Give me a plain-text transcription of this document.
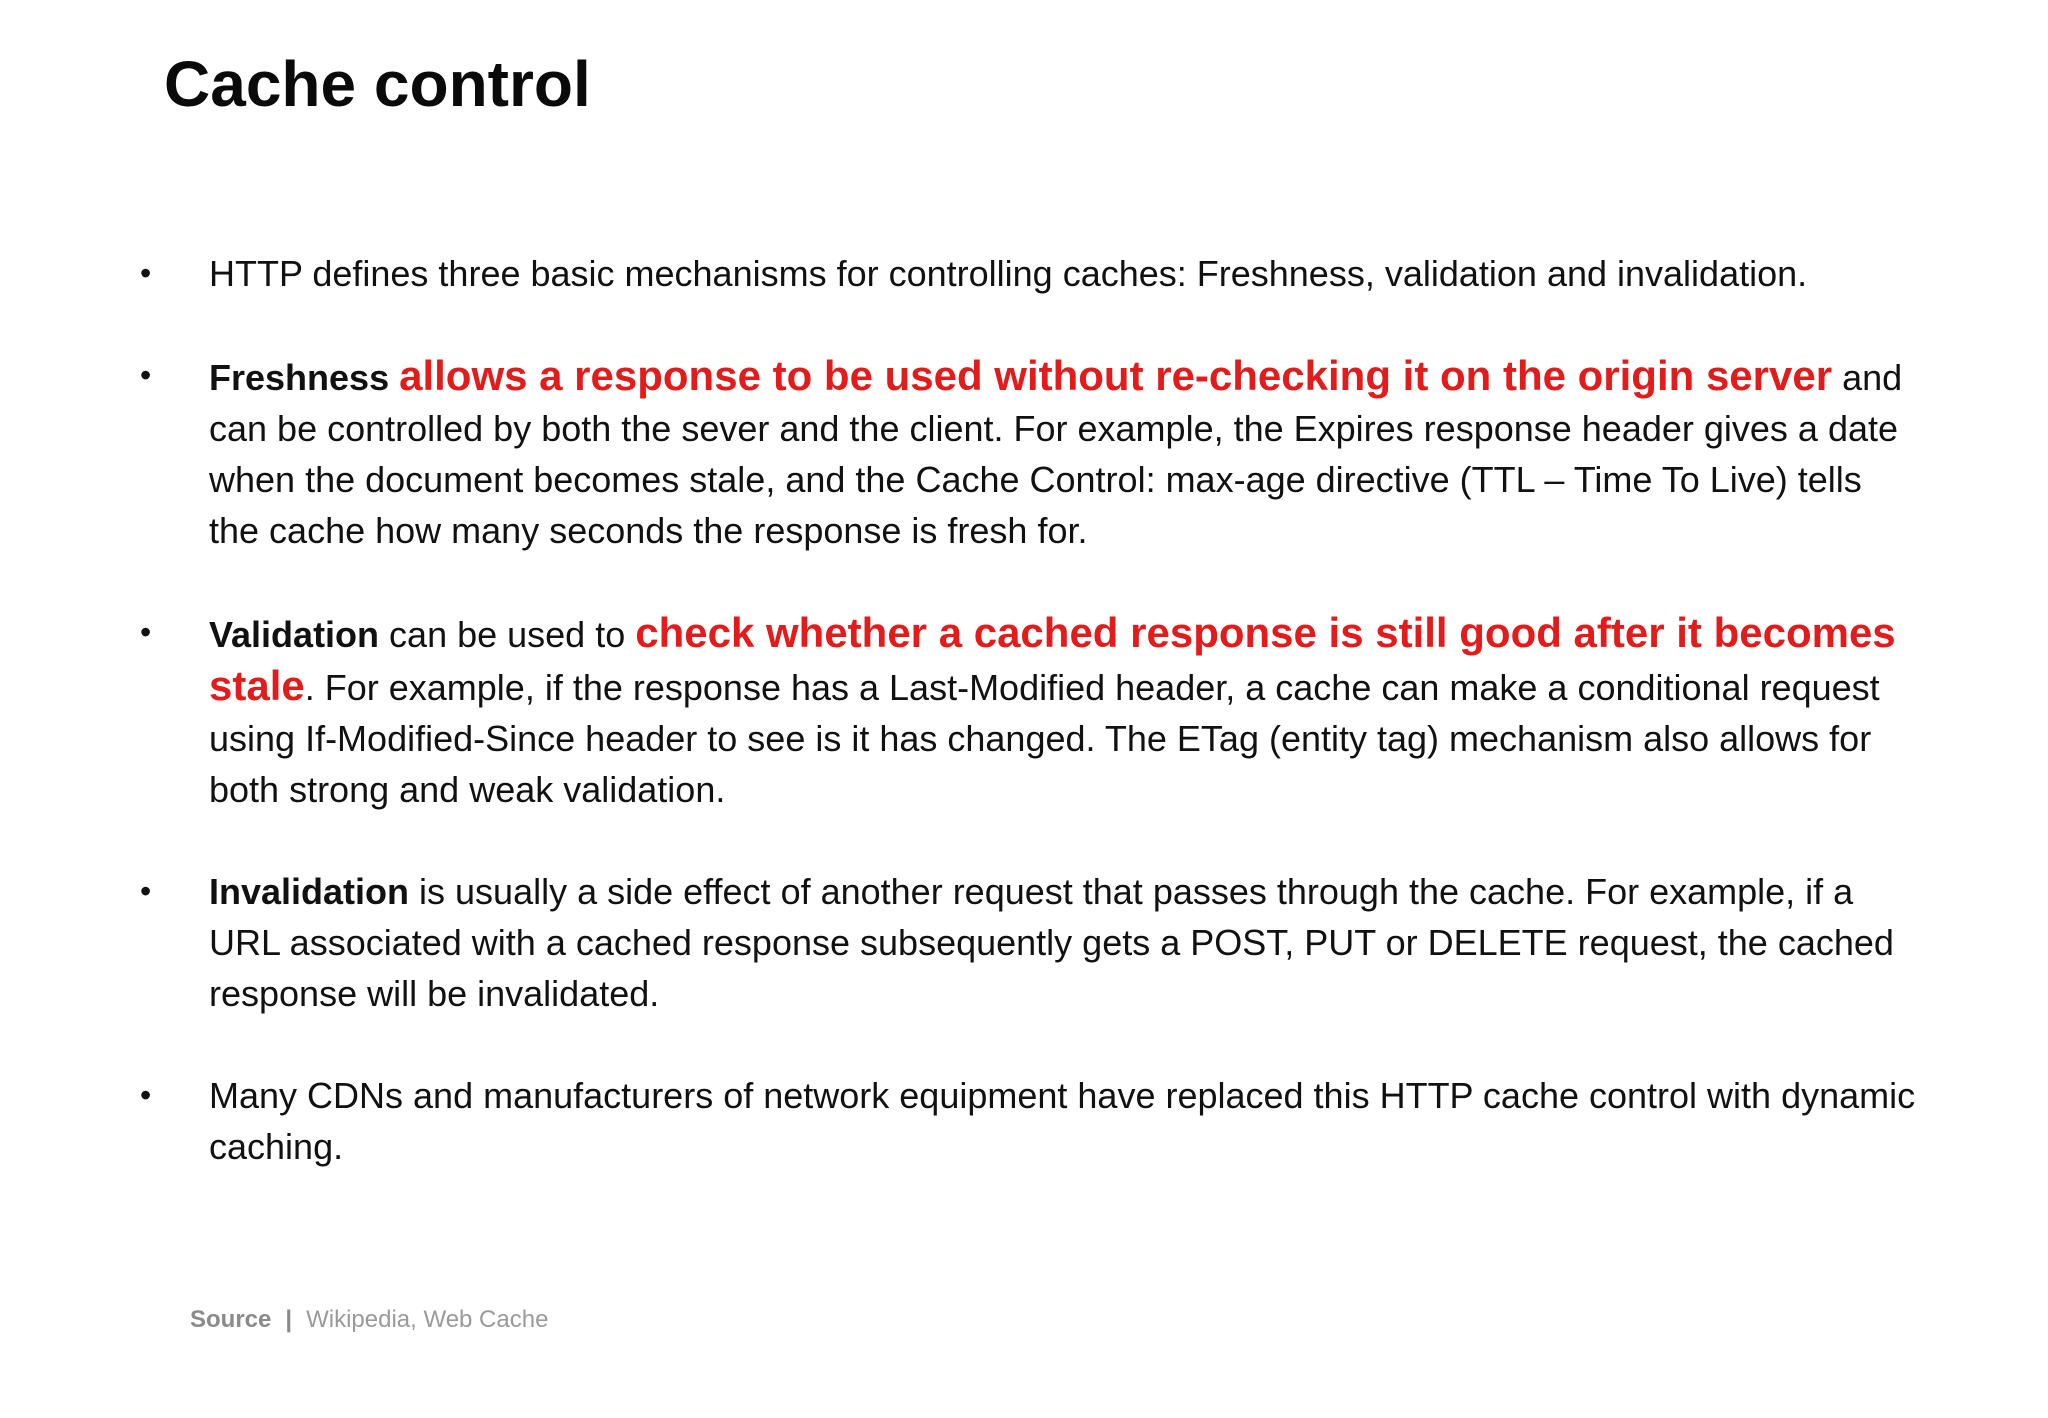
Cache control
•	HTTP defines three basic mechanisms for controlling caches: Freshness, validation and invalidation.
•	Freshness allows a response to be used without re-checking it on the origin server and can be controlled by both the sever and the client. For example, the Expires response header gives a date when the document becomes stale, and the Cache Control: max-age directive (TTL – Time To Live) tells the cache how many seconds the response is fresh for.
•	Validation can be used to check whether a cached response is still good after it becomes stale. For example, if the response has a Last-Modified header, a cache can make a conditional request using If-Modified-Since header to see is it has changed. The ETag (entity tag) mechanism also allows for both strong and weak validation.
•	Invalidation is usually a side effect of another request that passes through the cache. For example, if a URL associated with a cached response subsequently gets a POST, PUT or DELETE request, the cached response will be invalidated.
•	Many CDNs and manufacturers of network equipment have replaced this HTTP cache control with dynamic caching.
Source | Wikipedia, Web Cache
